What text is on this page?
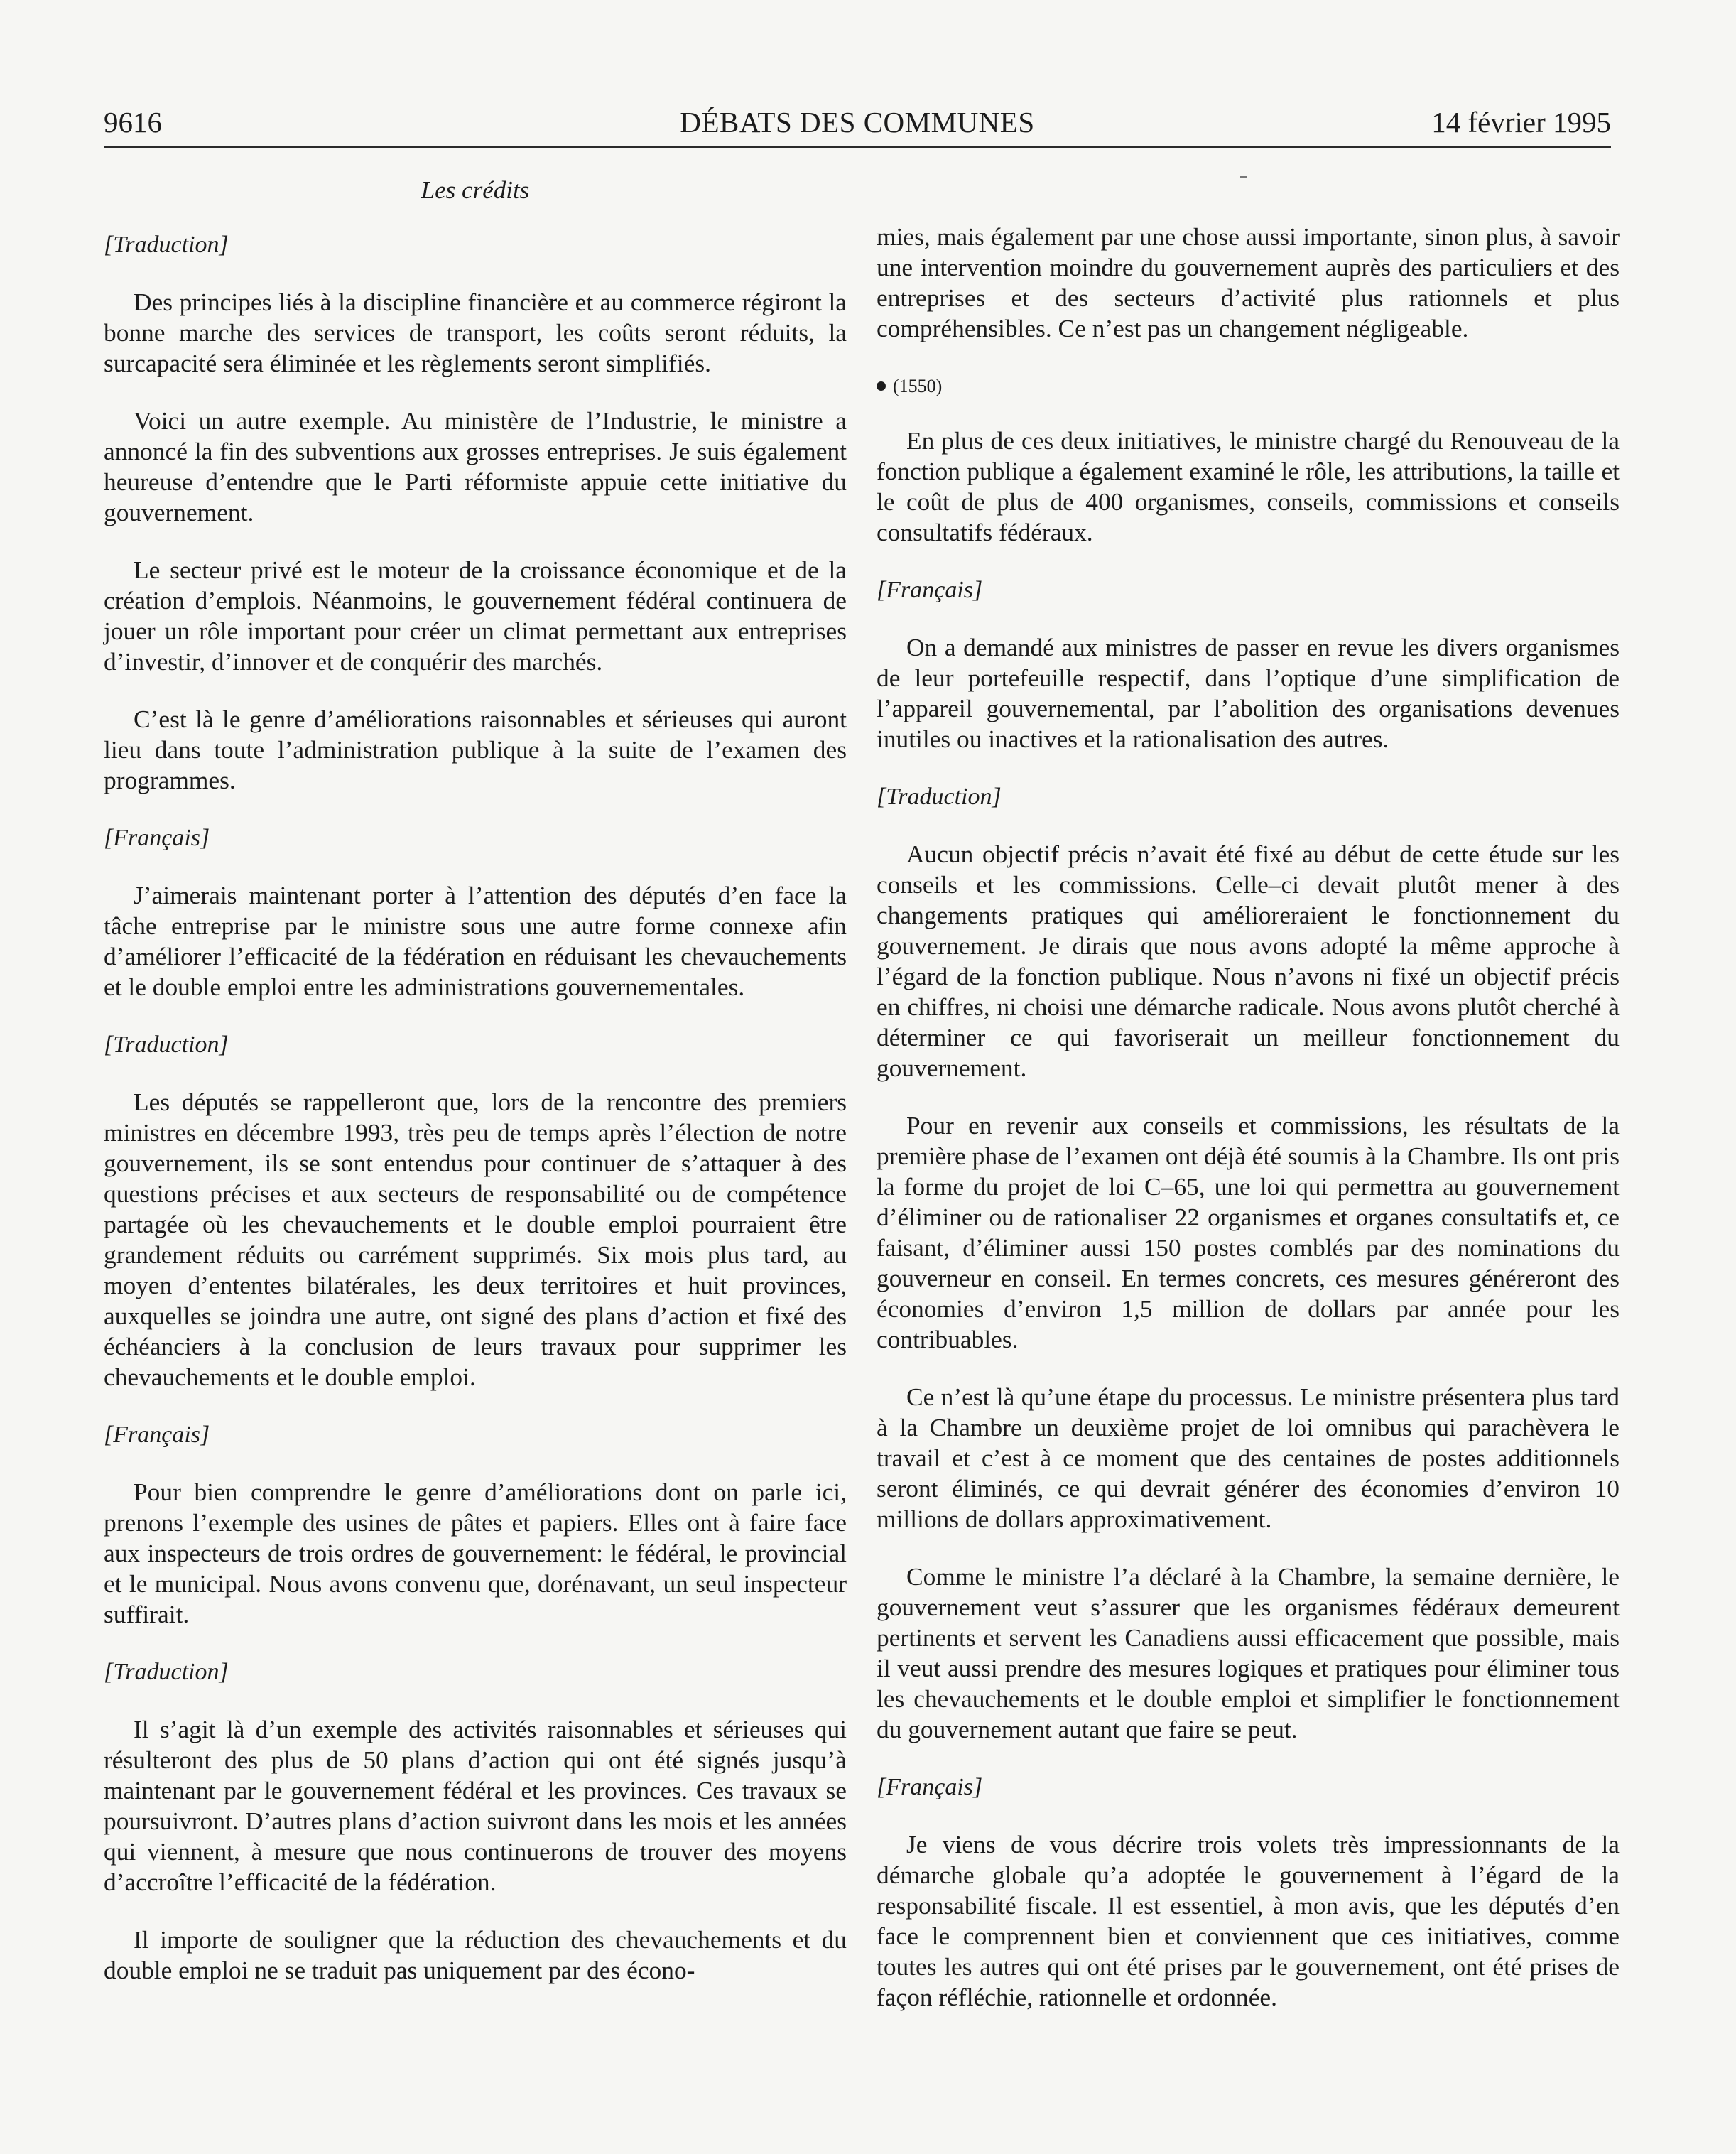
9616	DÉBATS DES COMMUNES	14 février 1995
Les crédits
[Traduction]

Des principes liés à la discipline financière et au commerce régiront la bonne marche des services de transport, les coûts seront réduits, la surcapacité sera éliminée et les règlements seront simplifiés.

Voici un autre exemple. Au ministère de l’Industrie, le ministre a annoncé la fin des subventions aux grosses entreprises. Je suis également heureuse d’entendre que le Parti réformiste appuie cette initiative du gouvernement.

Le secteur privé est le moteur de la croissance économique et de la création d’emplois. Néanmoins, le gouvernement fédéral continuera de jouer un rôle important pour créer un climat permettant aux entreprises d’investir, d’innover et de conquérir des marchés.

C’est là le genre d’améliorations raisonnables et sérieuses qui auront lieu dans toute l’administration publique à la suite de l’examen des programmes.

[Français]

J’aimerais maintenant porter à l’attention des députés d’en face la tâche entreprise par le ministre sous une autre forme connexe afin d’améliorer l’efficacité de la fédération en réduisant les chevauchements et le double emploi entre les administrations gouvernementales.

[Traduction]

Les députés se rappelleront que, lors de la rencontre des premiers ministres en décembre 1993, très peu de temps après l’élection de notre gouvernement, ils se sont entendus pour continuer de s’attaquer à des questions précises et aux secteurs de responsabilité ou de compétence partagée où les chevauchements et le double emploi pourraient être grandement réduits ou carrément supprimés. Six mois plus tard, au moyen d’ententes bilatérales, les deux territoires et huit provinces, auxquelles se joindra une autre, ont signé des plans d’action et fixé des échéanciers à la conclusion de leurs travaux pour supprimer les chevauchements et le double emploi.

[Français]

Pour bien comprendre le genre d’améliorations dont on parle ici, prenons l’exemple des usines de pâtes et papiers. Elles ont à faire face aux inspecteurs de trois ordres de gouvernement: le fédéral, le provincial et le municipal. Nous avons convenu que, dorénavant, un seul inspecteur suffirait.

[Traduction]

Il s’agit là d’un exemple des activités raisonnables et sérieuses qui résulteront des plus de 50 plans d’action qui ont été signés jusqu’à maintenant par le gouvernement fédéral et les provinces. Ces travaux se poursuivront. D’autres plans d’action suivront dans les mois et les années qui viennent, à mesure que nous continuerons de trouver des moyens d’accroître l’efficacité de la fédération.

Il importe de souligner que la réduction des chevauchements et du double emploi ne se traduit pas uniquement par des écono-

mies, mais également par une chose aussi importante, sinon plus, à savoir une intervention moindre du gouvernement auprès des particuliers et des entreprises et des secteurs d’activité plus rationnels et plus compréhensibles. Ce n’est pas un changement négligeable.

(1550)

En plus de ces deux initiatives, le ministre chargé du Renouveau de la fonction publique a également examiné le rôle, les attributions, la taille et le coût de plus de 400 organismes, conseils, commissions et conseils consultatifs fédéraux.

[Français]

On a demandé aux ministres de passer en revue les divers organismes de leur portefeuille respectif, dans l’optique d’une simplification de l’appareil gouvernemental, par l’abolition des organisations devenues inutiles ou inactives et la rationalisation des autres.

[Traduction]

Aucun objectif précis n’avait été fixé au début de cette étude sur les conseils et les commissions. Celle–ci devait plutôt mener à des changements pratiques qui amélioreraient le fonctionnement du gouvernement. Je dirais que nous avons adopté la même approche à l’égard de la fonction publique. Nous n’avons ni fixé un objectif précis en chiffres, ni choisi une démarche radicale. Nous avons plutôt cherché à déterminer ce qui favoriserait un meilleur fonctionnement du gouvernement.

Pour en revenir aux conseils et commissions, les résultats de la première phase de l’examen ont déjà été soumis à la Chambre. Ils ont pris la forme du projet de loi C–65, une loi qui permettra au gouvernement d’éliminer ou de rationaliser 22 organismes et organes consultatifs et, ce faisant, d’éliminer aussi 150 postes comblés par des nominations du gouverneur en conseil. En termes concrets, ces mesures généreront des économies d’environ 1,5 million de dollars par année pour les contribuables.

Ce n’est là qu’une étape du processus. Le ministre présentera plus tard à la Chambre un deuxième projet de loi omnibus qui parachèvera le travail et c’est à ce moment que des centaines de postes additionnels seront éliminés, ce qui devrait générer des économies d’environ 10 millions de dollars approximativement.

Comme le ministre l’a déclaré à la Chambre, la semaine dernière, le gouvernement veut s’assurer que les organismes fédéraux demeurent pertinents et servent les Canadiens aussi efficacement que possible, mais il veut aussi prendre des mesures logiques et pratiques pour éliminer tous les chevauchements et le double emploi et simplifier le fonctionnement du gouvernement autant que faire se peut.

[Français]

Je viens de vous décrire trois volets très impressionnants de la démarche globale qu’a adoptée le gouvernement à l’égard de la responsabilité fiscale. Il est essentiel, à mon avis, que les députés d’en face le comprennent bien et conviennent que ces initiatives, comme toutes les autres qui ont été prises par le gouvernement, ont été prises de façon réfléchie, rationnelle et ordonnée.
